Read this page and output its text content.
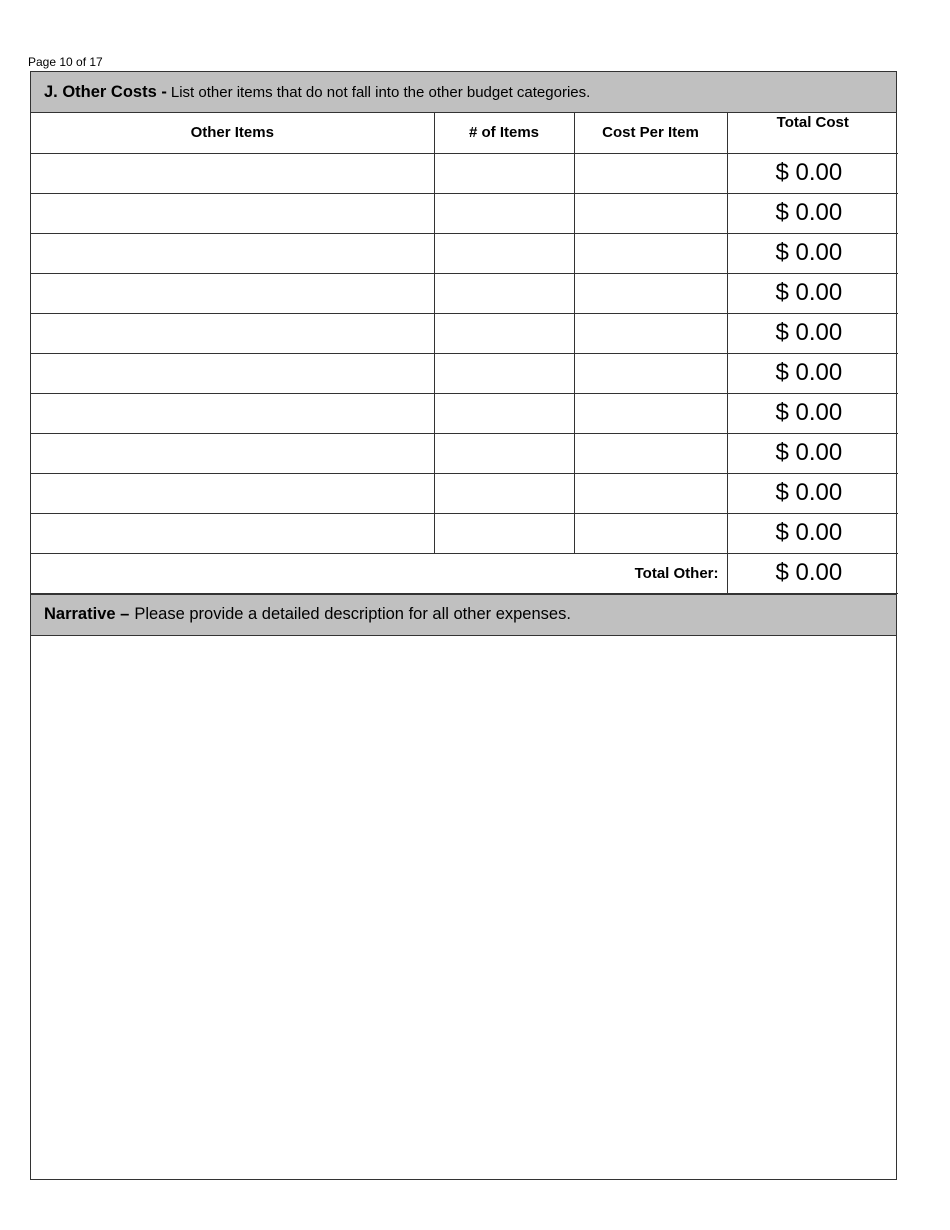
Page 10 of 17
J. Other Costs - List other items that do not fall into the other budget categories.
Other Items	# of Items	Cost Per Item	Total Cost

			$ 0.00
			$ 0.00
			$ 0.00
			$ 0.00
			$ 0.00
			$ 0.00
			$ 0.00
			$ 0.00
			$ 0.00
			$ 0.00
Total Other:			$ 0.00
Narrative – Please provide a detailed description for all other expenses.
